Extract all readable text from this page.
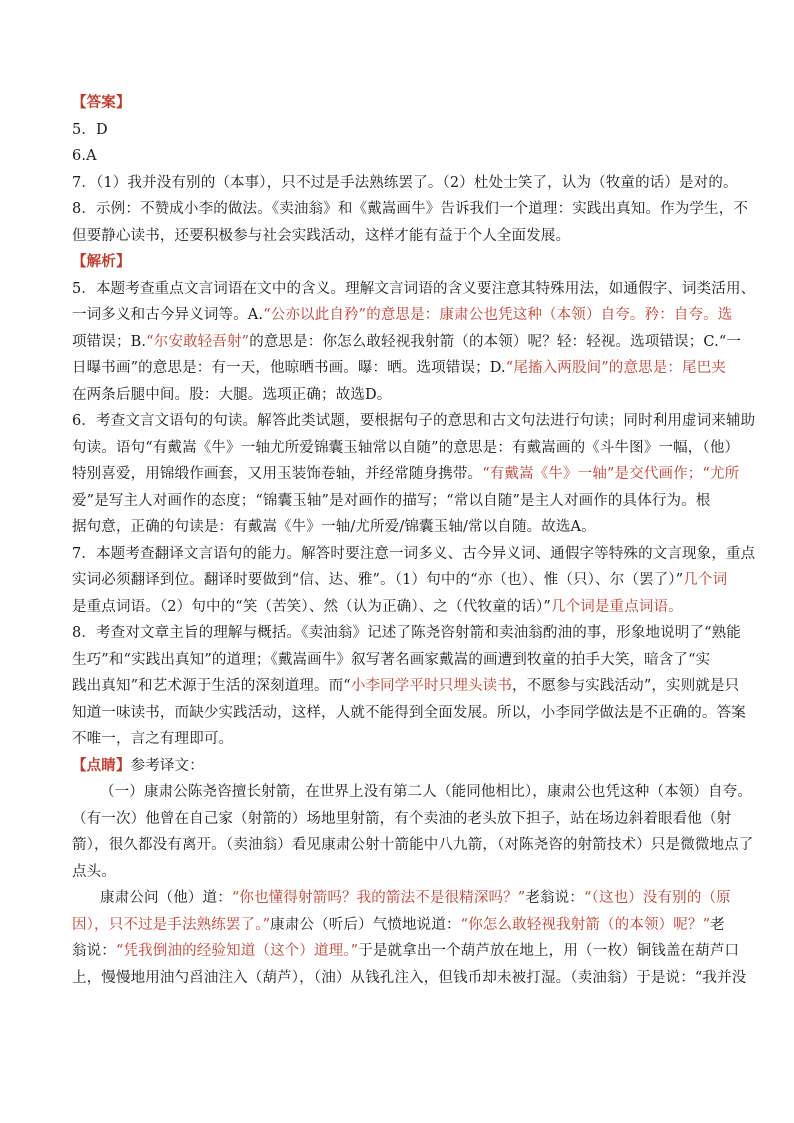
【答案】
5．D
6.A
7．（1）我并没有别的（本事），只不过是手法熟练罢了。（2）杜处士笑了，认为（牧童的话）是对的。
8．示例：不赞成小李的做法。《卖油翁》和《戴嵩画牛》告诉我们一个道理：实践出真知。作为学生，不
但要静心读书，还要积极参与社会实践活动，这样才能有益于个人全面发展。
【解析】
5．本题考查重点文言词语在文中的含义。理解文言词语的含义要注意其特殊用法，如通假字、词类活用、
一词多义和古今异义词等。A.“公亦以此自矜”的意思是：康肃公也凭这种（本领）自夸。矜：自夸。选
项错误；B.“尔安敢轻吾射”的意思是：你怎么敢轻视我射箭（的本领）呢？轻：轻视。选项错误；C.“一
日曝书画”的意思是：有一天，他晾晒书画。曝：晒。选项错误；D.“尾搐入两股间”的意思是：尾巴夹
在两条后腿中间。股：大腿。选项正确；故选D。
6．考查文言文语句的句读。解答此类试题，要根据句子的意思和古文句法进行句读；同时利用虚词来辅助
句读。语句“有戴嵩《牛》一轴尤所爱锦囊玉轴常以自随”的意思是：有戴嵩画的《斗牛图》一幅，（他）
特别喜爱，用锦缎作画套，又用玉装饰卷轴，并经常随身携带。“有戴嵩《牛》一轴”是交代画作；“尤所
爱”是写主人对画作的态度；“锦囊玉轴”是对画作的描写；“常以自随”是主人对画作的具体行为。根
据句意，正确的句读是：有戴嵩《牛》一轴/尤所爱/锦囊玉轴/常以自随。故选A。
7．本题考查翻译文言语句的能力。解答时要注意一词多义、古今异义词、通假字等特殊的文言现象，重点
实词必须翻译到位。翻译时要做到“信、达、雅”。（1）句中的“亦（也）、惟（只）、尔（罢了）”几个词
是重点词语。（2）句中的“笑（苦笑）、然（认为正确）、之（代牧童的话）”几个词是重点词语。
8．考查对文章主旨的理解与概括。《卖油翁》记述了陈尧咨射箭和卖油翁酌油的事，形象地说明了“熟能
生巧”和“实践出真知”的道理；《戴嵩画牛》叙写著名画家戴嵩的画遭到牧童的拍手大笑，暗含了“实
践出真知”和艺术源于生活的深刻道理。而“小李同学平时只埋头读书，不愿参与实践活动”，实则就是只
知道一味读书，而缺少实践活动，这样，人就不能得到全面发展。所以，小李同学做法是不正确的。答案
不唯一，言之有理即可。
【点睛】参考译文：
（一）康肃公陈尧咨擅长射箭，在世界上没有第二人（能同他相比），康肃公也凭这种（本领）自夸。
（有一次）他曾在自己家（射箭的）场地里射箭，有个卖油的老头放下担子，站在场边斜着眼看他（射
箭），很久都没有离开。（卖油翁）看见康肃公射十箭能中八九箭，（对陈尧咨的射箭技术）只是微微地点了
点头。
康肃公问（他）道：“你也懂得射箭吗？我的箭法不是很精深吗？”老翁说：“（这也）没有别的（原
因），只不过是手法熟练罢了。”康肃公（听后）气愤地说道：“你怎么敢轻视我射箭（的本领）呢？”老
翁说：“凭我倒油的经验知道（这个）道理。”于是就拿出一个葫芦放在地上，用（一枚）铜钱盖在葫芦口
上，慢慢地用油勺舀油注入（葫芦），（油）从钱孔注入，但钱币却未被打湿。（卖油翁）于是说：“我并没
